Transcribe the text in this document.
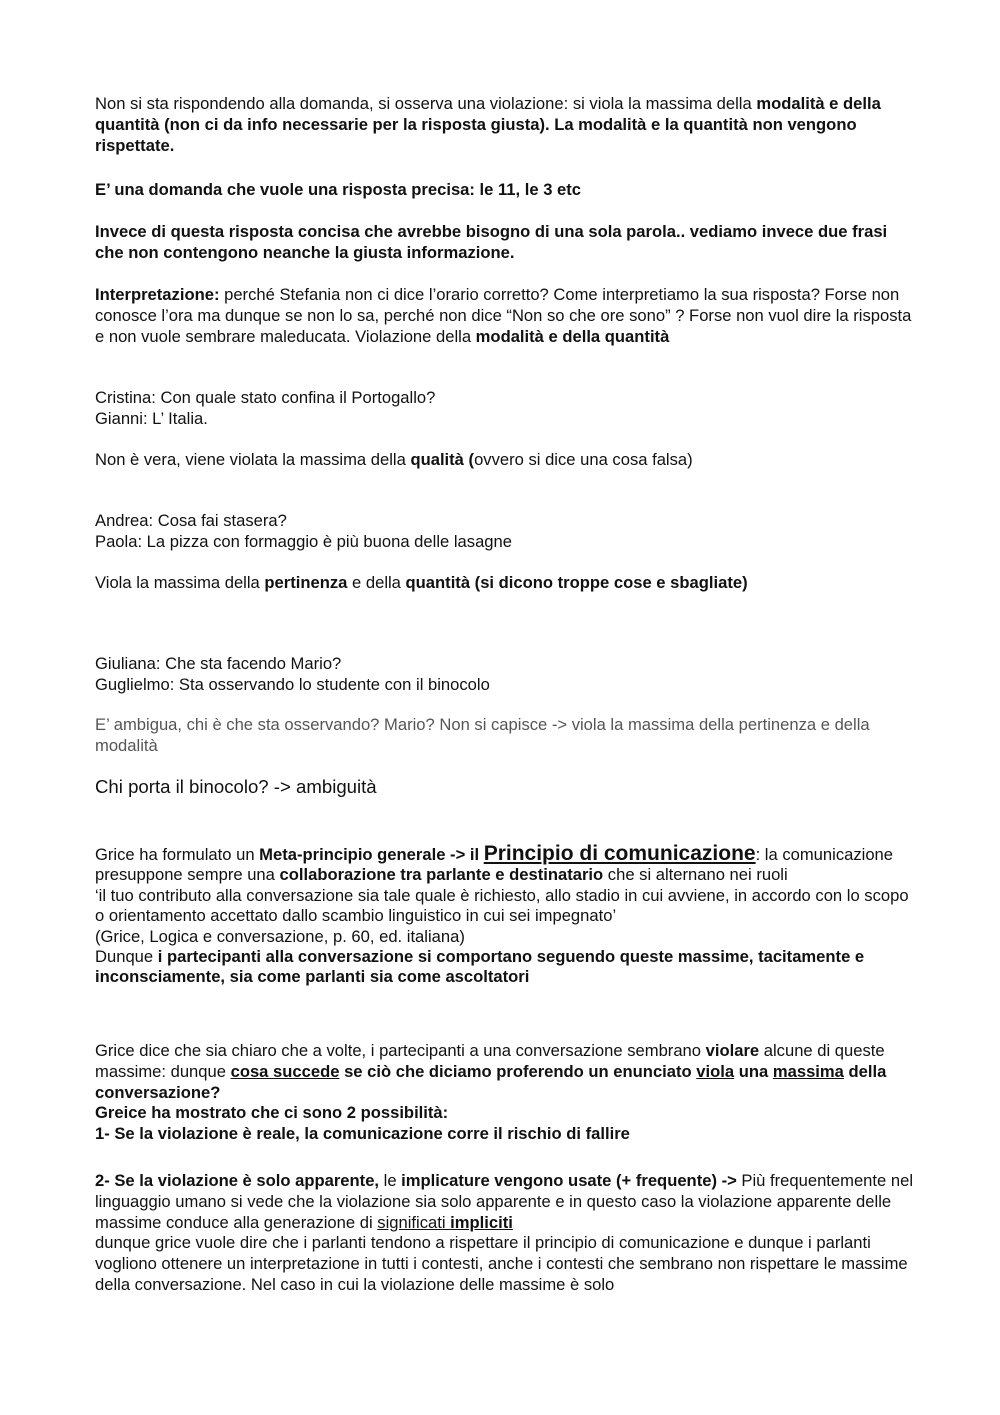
Non si sta rispondendo alla domanda, si osserva una violazione: si viola la massima della modalità e della quantità (non ci da info necessarie per la risposta giusta). La modalità e la quantità non vengono rispettate.

E’ una domanda che vuole una risposta precisa: le 11, le 3 etc

Invece di questa risposta concisa che avrebbe bisogno di una sola parola.. vediamo invece due frasi che non contengono neanche la giusta informazione.

Interpretazione: perché Stefania non ci dice l’orario corretto? Come interpretiamo la sua risposta? Forse non conosce l’ora ma dunque se non lo sa, perché non dice “Non so che ore sono” ? Forse non vuol dire la risposta e non vuole sembrare maleducata. Violazione della modalità e della quantità

Cristina: Con quale stato confina il Portogallo?
Gianni: L’ Italia.

Non è vera, viene violata la massima della qualità (ovvero si dice una cosa falsa)

Andrea: Cosa fai stasera?
Paola: La pizza con formaggio è più buona delle lasagne

Viola la massima della pertinenza e della quantità (si dicono troppe cose e sbagliate)

Giuliana: Che sta facendo Mario?
Guglielmo: Sta osservando lo studente con il binocolo

E’ ambigua, chi è che sta osservando? Mario? Non si capisce -> viola la massima della pertinenza e della modalità

Chi porta il binocolo? -> ambiguità

Grice ha formulato un Meta-principio generale -> il Principio di comunicazione: la comunicazione presuppone sempre una collaborazione tra parlante e destinatario che si alternano nei ruoli
‘il tuo contributo alla conversazione sia tale quale è richiesto, allo stadio in cui avviene, in accordo con lo scopo o orientamento accettato dallo scambio linguistico in cui sei impegnato’
(Grice, Logica e conversazione, p. 60, ed. italiana)
Dunque i partecipanti alla conversazione si comportano seguendo queste massime, tacitamente e inconsciamente, sia come parlanti sia come ascoltatori

Grice dice che sia chiaro che a volte, i partecipanti a una conversazione sembrano violare alcune di queste massime: dunque cosa succede se ciò che diciamo proferendo un enunciato viola una massima della conversazione?
Greice ha mostrato che ci sono 2 possibilità:
1- Se la violazione è reale, la comunicazione corre il rischio di fallire

2- Se la violazione è solo apparente, le implicature vengono usate (+ frequente) -> Più frequentemente nel linguaggio umano si vede che la violazione sia solo apparente e in questo caso la violazione apparente delle massime conduce alla generazione di significati impliciti
dunque grice vuole dire che i parlanti tendono a rispettare il principio di comunicazione e dunque i parlanti vogliono ottenere un interpretazione in tutti i contesti, anche i contesti che sembrano non rispettare le massime della conversazione. Nel caso in cui la violazione delle massime è solo
